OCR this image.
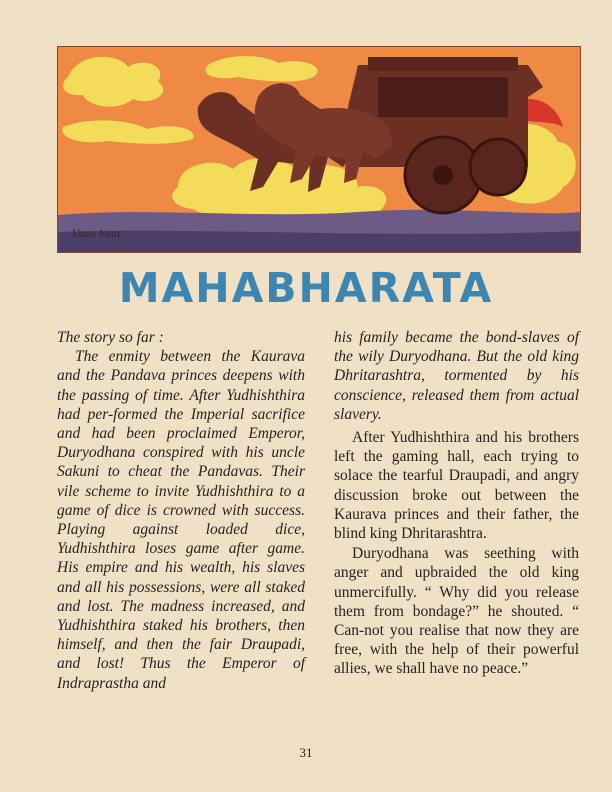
Vasu kaar
MAHABHARATA
The story so far :

The enmity between the Kaurava and the Pandava princes deepens with the passing of time. After Yudhishthira had per-formed the Imperial sacrifice and had been proclaimed Emperor, Duryodhana conspired with his uncle Sakuni to cheat the Pandavas. Their vile scheme to invite Yudhishthira to a game of dice is crowned with success. Playing against loaded dice, Yudhishthira loses game after game. His empire and his wealth, his slaves and all his possessions, were all staked and lost. The madness increased, and Yudhishthira staked his brothers, then himself, and then the fair Draupadi, and lost! Thus the Emperor of Indraprastha and

his family became the bond-slaves of the wily Duryodhana. But the old king Dhritarashtra, tormented by his conscience, released them from actual slavery.

After Yudhishthira and his brothers left the gaming hall, each trying to solace the tearful Draupadi, and angry discussion broke out between the Kaurava princes and their father, the blind king Dhritarashtra.

Duryodhana was seething with anger and upbraided the old king unmercifully. “ Why did you release them from bondage?” he shouted. “ Can-not you realise that now they are free, with the help of their powerful allies, we shall have no peace.”

31
